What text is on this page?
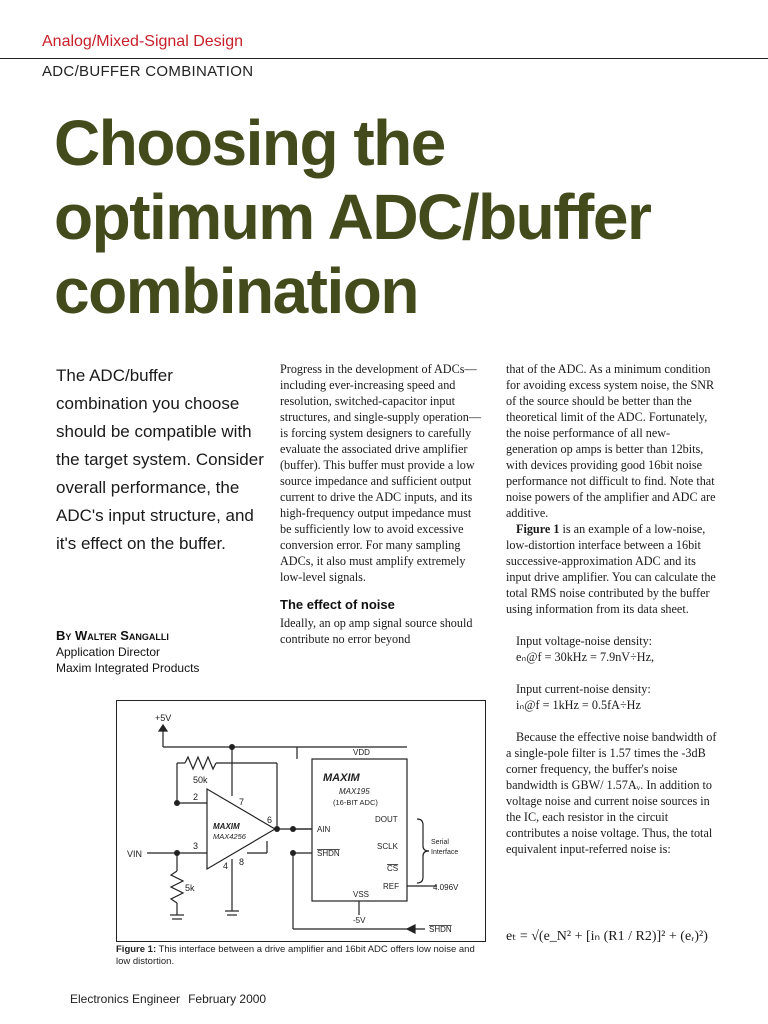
Analog/Mixed-Signal Design
ADC/BUFFER COMBINATION
Choosing the
optimum ADC/buffer
combination
The ADC/buffer combination you choose should be compatible with the target system. Consider overall performance, the ADC's input structure, and it's effect on the buffer.
By Walter Sangalli
Application Director
Maxim Integrated Products

Progress in the development of ADCs—including ever-increasing speed and resolution, switched-capacitor input structures, and single-supply operation—is forcing system designers to carefully evaluate the associated drive amplifier (buffer). This buffer must provide a low source impedance and sufficient output current to drive the ADC inputs, and its high-frequency output impedance must be sufficiently low to avoid excessive conversion error. For many sampling ADCs, it also must amplify extremely low-level signals.

The effect of noise

Ideally, an op amp signal source should contribute no error beyond

that of the ADC. As a minimum condition for avoiding excess system noise, the SNR of the source should be better than the theoretical limit of the ADC. Fortunately, the noise performance of all new-generation op amps is better than 12bits, with devices providing good 16bit noise performance not difficult to find. Note that noise powers of the amplifier and ADC are additive.

Figure 1 is an example of a low-noise, low-distortion interface between a 16bit successive-approximation ADC and its input drive amplifier. You can calculate the total RMS noise contributed by the buffer using information from its data sheet.

Input voltage-noise density:

eₙ@f = 30kHz = 7.9nV÷Hz,

Input current-noise density:

iₙ@f = 1kHz = 0.5fA÷Hz

Because the effective noise bandwidth of a single-pole filter is 1.57 times the -3dB corner frequency, the buffer's noise bandwidth is GBW/ 1.57Aᵥ. In addition to voltage noise and current noise sources in the IC, each resistor in the circuit contributes a noise voltage. Thus, the total equivalent input-referred noise is:

eₜ = √(e_N² + [iₙ (R1 / R2)]² + (eᵣ)²)
+5V
50k
5k
VIN
2
3
4
6
7
8
MAXIM
MAX4256
VDD
MAXIM
MAX195
(16-BIT ADC)
AIN
SHDN
DOUT
SCLK
CS
REF	4.096V
VSS
Serial
Interface
-5V
SHDN
Figure 1: This interface between a drive amplifier and 16bit ADC offers low noise and low distortion.
Electronics Engineer February 2000
